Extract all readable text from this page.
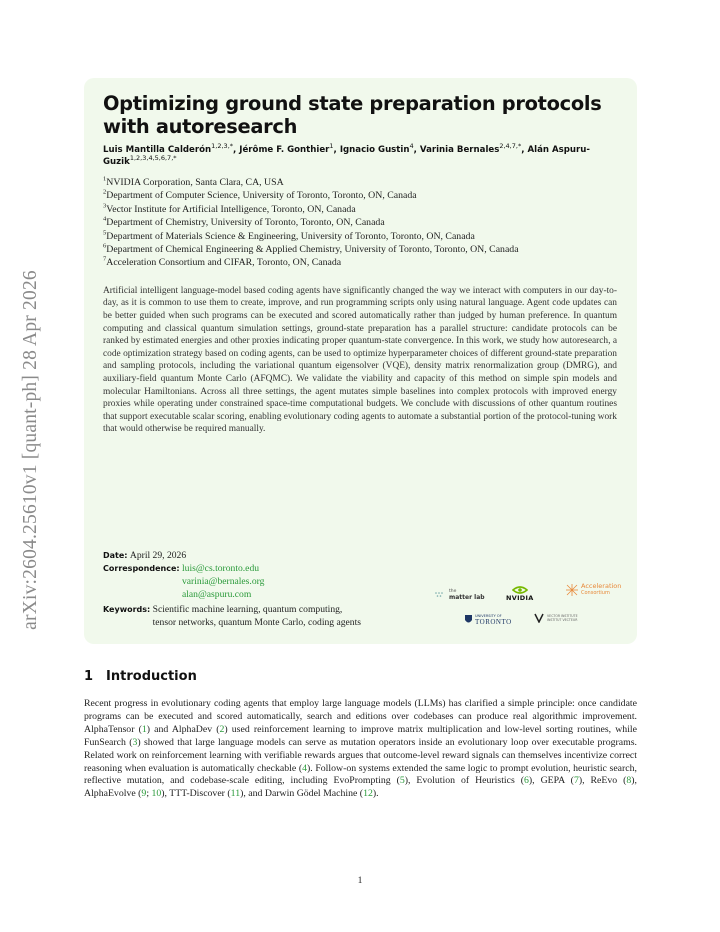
arXiv:2604.25610v1 [quant-ph] 28 Apr 2026
Optimizing ground state preparation protocols with autoresearch
Luis Mantilla Calderón$^{1,2,3,*}$, Jérôme F. Gonthier$^1$, Ignacio Gustin$^4$, Varinia Bernales$^{2,4,7,*}$, Alán Aspuru-Guzik$^{1,2,3,4,5,6,7,*}$
$^1$NVIDIA Corporation, Santa Clara, CA, USA
$^2$Department of Computer Science, University of Toronto, Toronto, ON, Canada
$^3$Vector Institute for Artificial Intelligence, Toronto, ON, Canada
$^4$Department of Chemistry, University of Toronto, Toronto, ON, Canada
$^5$Department of Materials Science & Engineering, University of Toronto, Toronto, ON, Canada
$^6$Department of Chemical Engineering & Applied Chemistry, University of Toronto, Toronto, ON, Canada
$^7$Acceleration Consortium and CIFAR, Toronto, ON, Canada

Artificial intelligent language-model based coding agents have significantly changed the way we interact with computers in our day-to-day, as it is common to use them to create, improve, and run programming scripts only using natural language. Agent code updates can be better guided when such programs can be executed and scored automatically rather than judged by human preference. In quantum computing and classical quantum simulation settings, ground-state preparation has a parallel structure: candidate protocols can be ranked by estimated energies and other proxies indicating proper quantum-state convergence. In this work, we study how autoresearch, a code optimization strategy based on coding agents, can be used to optimize hyperparameter choices of different ground-state preparation and sampling protocols, including the variational quantum eigensolver (VQE), density matrix renormalization group (DMRG), and auxiliary-field quantum Monte Carlo (AFQMC). We validate the viability and capacity of this method on simple spin models and molecular Hamiltonians. Across all three settings, the agent mutates simple baselines into complex protocols with improved energy proxies while operating under constrained space-time computational budgets. We conclude with discussions of other quantum routines that support executable scalar scoring, enabling evolutionary coding agents to automate a substantial portion of the protocol-tuning work that would otherwise be required manually.

Date:
April 29, 2026
Correspondence:
luis@cs.toronto.edu
varinia@bernales.org
alan@aspuru.com
Keywords:
Scientific machine learning, quantum computing,
tensor networks, quantum Monte Carlo, coding agents
the
matter lab	NVIDIA
Acceleration
Consortium
UNIVERSITY OF
TORONTO
VECTOR INSTITUTE
INSTITUT VECTEUR
1 Introduction

Recent progress in evolutionary coding agents that employ large language models (LLMs) has clarified a simple principle: once candidate programs can be executed and scored automatically, search and editions over codebases can produce real algorithmic improvement. AlphaTensor (1) and AlphaDev (2) used reinforcement learning to improve matrix multiplication and low-level sorting routines, while FunSearch (3) showed that large language models can serve as mutation operators inside an evolutionary loop over executable programs. Related work on reinforcement learning with verifiable rewards argues that outcome-level reward signals can themselves incentivize correct reasoning when evaluation is automatically checkable (4). Follow-on systems extended the same logic to prompt evolution, heuristic search, reflective mutation, and codebase-scale editing, including EvoPrompting (5), Evolution of Heuristics (6), GEPA (7), ReEvo (8), AlphaEvolve (9; 10), TTT-Discover (11), and Darwin Gödel Machine (12).

1
